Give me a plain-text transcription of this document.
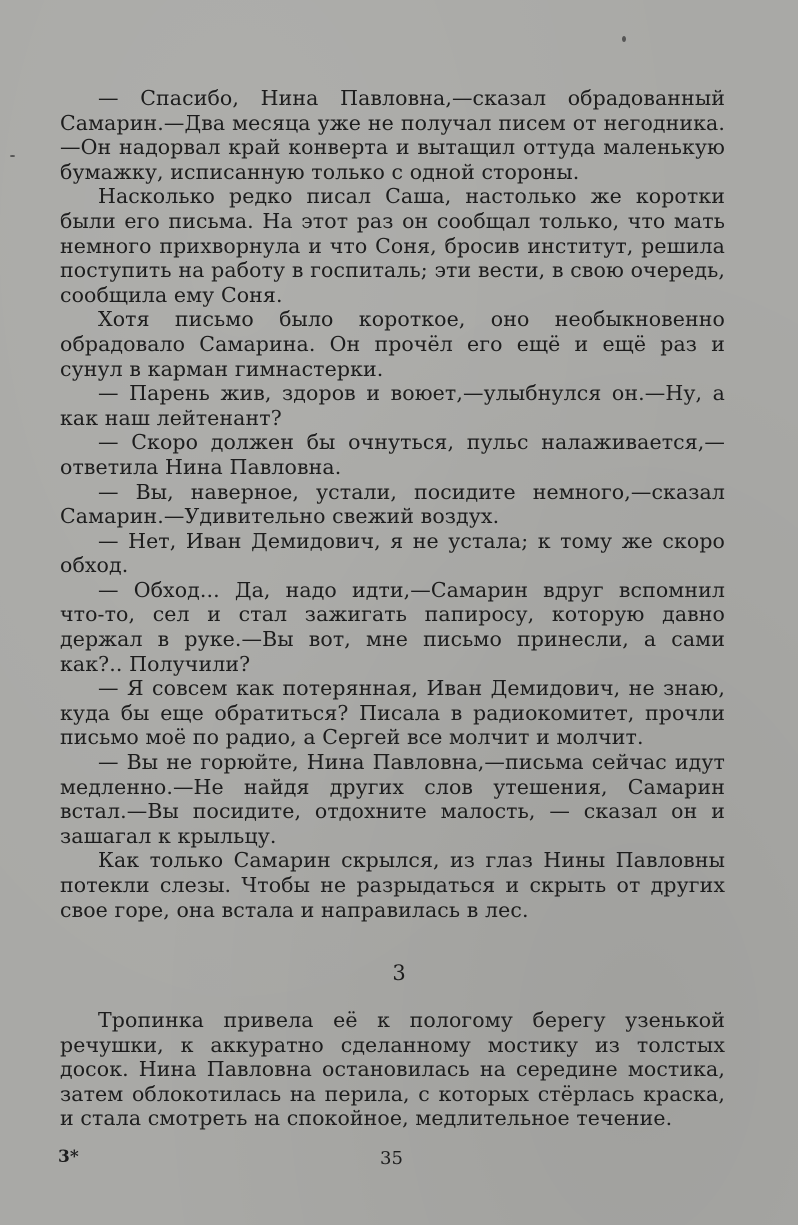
— Спасибо, Нина Павловна,—сказал обрадованный Самарин.—Два месяца уже не получал писем от негодника.—Он надорвал край конверта и вытащил оттуда маленькую бумажку, исписанную только с одной стороны.

Насколько редко писал Саша, настолько же коротки были его письма. На этот раз он сообщал только, что мать немного прихворнула и что Соня, бросив институт, решила поступить на работу в госпиталь; эти вести, в свою очередь, сообщила ему Соня.

Хотя письмо было короткое, оно необыкновенно обрадовало Самарина. Он прочёл его ещё и ещё раз и сунул в карман гимнастерки.

— Парень жив, здоров и воюет,—улыбнулся он.—Ну, а как наш лейтенант?

— Скоро должен бы очнуться, пульс налаживается,—ответила Нина Павловна.

— Вы, наверное, устали, посидите немного,—сказал Самарин.—Удивительно свежий воздух.

— Нет, Иван Демидович, я не устала; к тому же скоро обход.

— Обход... Да, надо идти,—Самарин вдруг вспомнил что-то, сел и стал зажигать папиросу, которую давно держал в руке.—Вы вот, мне письмо принесли, а сами как?.. Получили?

— Я совсем как потерянная, Иван Демидович, не знаю, куда бы еще обратиться? Писала в радиокомитет, прочли письмо моё по радио, а Сергей все молчит и молчит.

— Вы не горюйте, Нина Павловна,—письма сейчас идут медленно.—Не найдя других слов утешения, Самарин встал.—Вы посидите, отдохните малость, — сказал он и зашагал к крыльцу.

Как только Самарин скрылся, из глаз Нины Павловны потекли слезы. Чтобы не разрыдаться и скрыть от других свое горе, она встала и направилась в лес.

3

Тропинка привела её к пологому берегу узенькой речушки, к аккуратно сделанному мостику из толстых досок. Нина Павловна остановилась на середине мостика, затем облокотилась на перила, с которых стёрлась краска, и стала смотреть на спокойное, медлительное течение.

3*	35
